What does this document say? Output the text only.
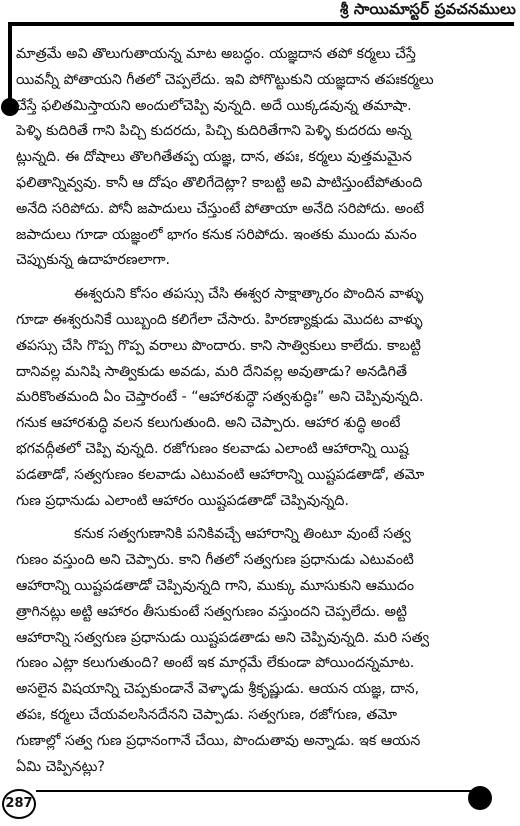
శ్రీ సాయిమాస్టర్ ప్రవచనములు
మాత్రమే అవి తొలుగుతాయన్న మాట అబద్ధం. యజ్ఞదాన తపో కర్మలు చేస్తే
యివన్నీ పోతాయని గీతలో చెప్పలేదు. ఇవి పోగొట్టుకుని యజ్ఞదాన తపఃకర్మలు
చేస్తే ఫలితమిస్తాయని అందులోచెప్పి వున్నది. అదే యిక్కడవున్న తమాషా.
పెళ్ళి కుదిరితే గాని పిచ్చి కుదరదు, పిచ్చి కుదిరితేగాని పెళ్ళి కుదరదు అన్న
ట్లున్నది. ఈ దోషాలు తొలగితేతప్ప యజ్ఞ, దాన, తపః, కర్మలు వుత్తమమైన
ఫలితాన్నివ్వవు. కానీ ఆ దోషం తొలిగేదెట్లా? కాబట్టి అవి పాటిస్తుంటేపోతుంది
అనేది సరిపోదు. పోనీ జపాదులు చేస్తుంటే పోతాయా అనేది సరిపోదు. అంటే
జపాదులు గూడా యజ్ఞంలో భాగం కనుక సరిపోదు. ఇంతకు ముందు మనం
చెప్పుకున్న ఉదాహరణలాగా.
ఈశ్వరుని కోసం తపస్సు చేసి ఈశ్వర సాక్షాత్కారం పొందిన వాళ్ళు
గూడా ఈశ్వరునికే యిబ్బంది కలిగేలా చేసారు. హిరణ్యాక్షుడు మొదట వాళ్ళు
తపస్సు చేసి గొప్ప గొప్ప వరాలు పొందారు. కాని సాత్వికులు కాలేదు. కాబట్టి
దానివల్ల మనిషి సాత్వికుడు అవడు, మరి దేనివల్ల అవుతాడు? అనడిగితే
మరికొంతమంది ఏం చెప్తారంటే - “ఆహారశుద్ధౌ సత్వశుద్ధిః” అని చెప్పివున్నది.
గనుక ఆహారశుద్ధి వలన కలుగుతుంది. అని చెప్పారు. ఆహార శుద్ధి అంటే
భగవద్గీతలో చెప్పి వున్నది. రజోగుణం కలవాడు ఎలాంటి ఆహారాన్ని యిష్ట
పడతాడో, సత్వగుణం కలవాడు ఎటువంటి ఆహారాన్ని యిష్టపడతాడో, తమో
గుణ ప్రధానుడు ఎలాంటి ఆహారం యిష్టపడతాడో చెప్పివున్నది.
కనుక సత్వగుణానికి పనికివచ్చే ఆహారాన్ని తింటూ వుంటే సత్వ
గుణం వస్తుంది అని చెప్పారు. కాని గీతలో సత్వగుణ ప్రధానుడు ఎటువంటి
ఆహారాన్ని యిష్టపడతాడో చెప్పివున్నది గాని, ముక్కు మూసుకుని ఆముదం
త్రాగినట్లు అట్టి ఆహారం తీసుకుంటే సత్వగుణం వస్తుందని చెప్పలేదు. అట్టి
ఆహారాన్ని సత్వగుణ ప్రధానుడు యిష్టపడతాడు అని చెప్పివున్నది. మరి సత్వ
గుణం ఎట్లా కలుగుతుంది? అంటే ఇక మార్గమే లేకుండా పోయిందన్నమాట.
అసలైన విషయాన్ని చెప్పకుండానే వెళ్ళాడు శ్రీకృష్ణుడు. ఆయన యజ్ఞ, దాన,
తపః, కర్మలు చేయవలసినదేనని చెప్పాడు. సత్వగుణ, రజోగుణ, తమో
గుణాల్లో సత్వ గుణ ప్రధానంగానే చేయి, పొందుతావు అన్నాడు. ఇక ఆయన
ఏమి చెప్పినట్లు?
287
